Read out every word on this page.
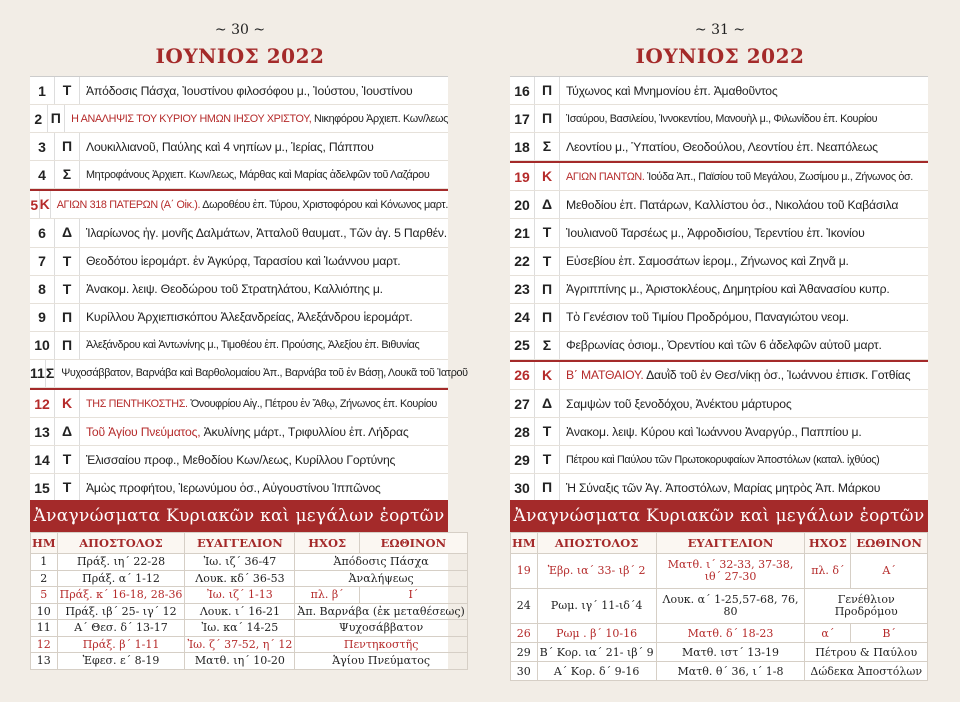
~ 30 ~
ΙΟΥΝΙΟΣ 2022
1	Τ	Ἀπόδοσις Πάσχα, Ἰουστίνου φιλοσόφου μ., Ἰούστου, Ἰουστίνου
2 Π Η ΑΝΑΛΗΨΙΣ ΤΟΥ ΚΥΡΙΟΥ ΗΜΩΝ ΙΗΣΟΥ ΧΡΙΣΤΟΥ, Νικηφόρου Ἀρχιεπ. Κων/λεως
3	Π	Λουκιλλιανοῦ, Παύλης καὶ 4 νηπίων μ., Ἱερίας, Πάππου
4	Σ	Μητροφάνους Ἀρχιεπ. Κων/λεως, Μάρθας καὶ Μαρίας ἀδελφῶν τοῦ Λαζάρου
5 Κ ΑΓΙΩΝ 318 ΠΑΤΕΡΩΝ (Α΄ Οἰκ.). Δωροθέου ἐπ. Τύρου, Χριστοφόρου καὶ Κόνωνος μαρτ.
6	Δ	Ἱλαρίωνος ἡγ. μονῆς Δαλμάτων, Ἀτταλοῦ θαυματ., Τῶν ἁγ. 5 Παρθέν.
7	Τ	Θεοδότου ἱερομάρτ. ἐν Ἀγκύρᾳ, Ταρασίου καὶ Ἰωάννου μαρτ.
8	Τ	Ἀνακομ. λειψ. Θεοδώρου τοῦ Στρατηλάτου, Καλλιόπης μ.
9	Π	Κυρίλλου Ἀρχιεπισκόπου Ἀλεξανδρείας, Ἀλεξάνδρου ἱερομάρτ.
10 Π	Ἀλεξάνδρου καὶ Ἀντωνίνης μ., Τιμοθέου ἐπ. Προύσης, Ἀλεξίου ἐπ. Βιθυνίας
11 Σ Ψυχοσάββατον, Βαρνάβα καὶ Βαρθολομαίου Ἀπ., Βαρνάβα τοῦ ἐν Βάσῃ, Λουκᾶ τοῦ Ἰατροῦ
12 Κ	ΤΗΣ ΠΕΝΤΗΚΟΣΤΗΣ. Ὀνουφρίου Αἰγ., Πέτρου ἐν Ἄθῳ, Ζήνωνος ἐπ. Κουρίου
13 Δ	Τοῦ Ἁγίου Πνεύματος, Ἀκυλίνης μάρτ., Τριφυλλίου ἐπ. Λήδρας
14 Τ	Ἐλισσαίου προφ., Μεθοδίου Κων/λεως, Κυρίλλου Γορτύνης
15 Τ	Ἀμὼς προφήτου, Ἱερωνύμου ὁσ., Αὐγουστίνου Ἱππῶνος
Ἀναγνώσματα Κυριακῶν καὶ μεγάλων ἑορτῶν
ΗΜ	ΑΠΟΣΤΟΛΟΣ	ΕΥΑΓΓΕΛΙΟΝ	ΗΧΟΣ	ΕΩΘΙΝΟΝ
1	Πράξ. ιη΄ 22-28	Ἰω. ιζ΄ 36-47	Ἀπόδοσις Πάσχα	
2	Πράξ. α΄ 1-12	Λουκ. κδ΄ 36-53	Ἀναλήψεως	
5	Πράξ. κ΄ 16-18, 28-36	Ἰω. ιζ΄ 1-13	πλ. β΄	Ι΄
10	Πράξ. ιβ΄ 25- ιγ΄ 12	Λουκ. ι΄ 16-21	Ἀπ. Βαρνάβα (ἐκ μεταθέσεως)	
11	Α΄ Θεσ. δ΄ 13-17	Ἰω. κα΄ 14-25	Ψυχοσάββατον	
12	Πράξ. β΄ 1-11	Ἰω. ζ΄ 37-52, η΄ 12	Πεντηκοστῆς	
13	Ἐφεσ. ε΄ 8-19	Ματθ. ιη΄ 10-20	Ἁγίου Πνεύματος	
~ 31 ~
ΙΟΥΝΙΟΣ 2022
16 Π	Τύχωνος καὶ Μνημονίου ἐπ. Ἀμαθοῦντος
17 Π	Ἰσαύρου, Βασιλείου, Ἰννοκεντίου, Μανουὴλ μ., Φιλωνίδου ἐπ. Κουρίου
18 Σ	Λεοντίου μ., Ὑπατίου, Θεοδούλου, Λεοντίου ἐπ. Νεαπόλεως
19 Κ	ΑΓΙΩΝ ΠΑΝΤΩΝ. Ἰούδα Ἀπ., Παϊσίου τοῦ Μεγάλου, Ζωσίμου μ., Ζήνωνος ὁσ.
20 Δ	Μεθοδίου ἐπ. Πατάρων, Καλλίστου ὁσ., Νικολάου τοῦ Καβάσιλα
21 Τ	Ἰουλιανοῦ Ταρσέως μ., Ἀφροδισίου, Τερεντίου ἐπ. Ἰκονίου
22 Τ	Εὐσεβίου ἐπ. Σαμοσάτων ἱερομ., Ζήνωνος καὶ Ζηνᾶ μ.
23 Π	Ἀγριππίνης μ., Ἀριστοκλέους, Δημητρίου καὶ Ἀθανασίου κυπρ.
24 Π	Τὸ Γενέσιον τοῦ Τιμίου Προδρόμου, Παναγιώτου νεομ.
25 Σ	Φεβρωνίας ὁσιομ., Ὀρεντίου καὶ τῶν 6 ἀδελφῶν αὐτοῦ μαρτ.
26 Κ	Β΄ ΜΑΤΘΑΙΟΥ. Δαυῒδ τοῦ ἐν Θεσ/νίκῃ ὁσ., Ἰωάννου ἐπισκ. Γοτθίας
27 Δ	Σαμψὼν τοῦ ξενοδόχου, Ἀνέκτου μάρτυρος
28 Τ	Ἀνακομ. λειψ. Κύρου καὶ Ἰωάννου Ἀναργύρ., Παππίου μ.
29 Τ	Πέτρου καὶ Παύλου τῶν Πρωτοκορυφαίων Ἀποστόλων (καταλ. ἰχθύος)
30 Π	Ἡ Σύναξις τῶν Ἁγ. Ἀποστόλων, Μαρίας μητρὸς Ἀπ. Μάρκου
Ἀναγνώσματα Κυριακῶν καὶ μεγάλων ἑορτῶν
ΗΜ	ΑΠΟΣΤΟΛΟΣ	ΕΥΑΓΓΕΛΙΟΝ	ΗΧΟΣ	ΕΩΘΙΝΟΝ
19	Ἑβρ. ια΄ 33- ιβ΄ 2	Ματθ. ι΄ 32-33, 37-38, ιθ΄ 27-30	πλ. δ΄	Α΄
24	Ρωμ. ιγ΄ 11-ιδ΄4	Λουκ. α΄ 1-25,57-68, 76, 80	Γενέθλιον Προδρόμου	
26	Ρωμ . β΄ 10-16	Ματθ. δ΄ 18-23	α΄	Β΄
29	Β΄ Κορ. ια΄ 21- ιβ΄ 9	Ματθ. ιστ΄ 13-19	Πέτρου & Παύλου	
30	Α΄ Κορ. δ΄ 9-16	Ματθ. θ΄ 36, ι΄ 1-8	Δώδεκα Ἀποστόλων	
